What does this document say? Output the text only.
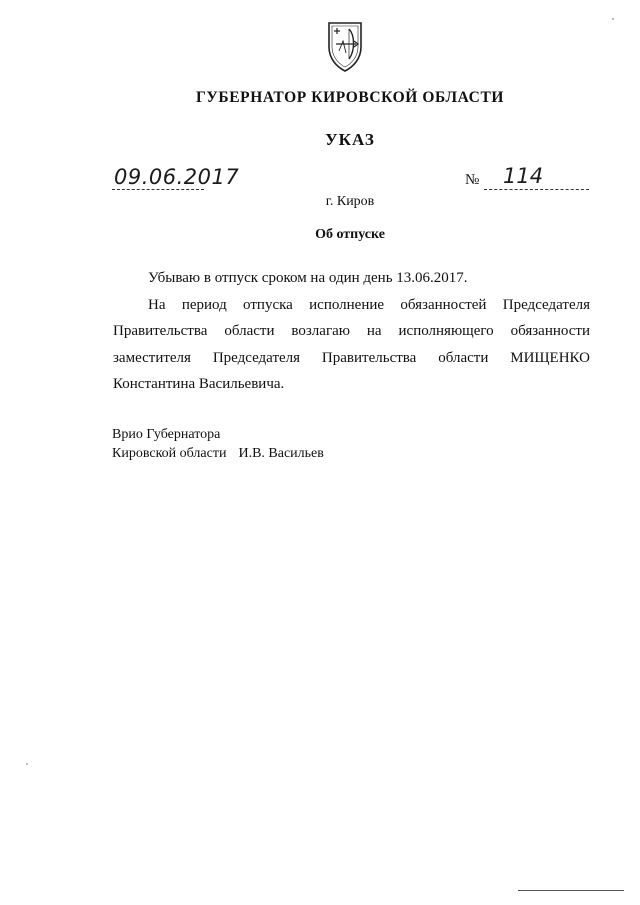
ГУБЕРНАТОР КИРОВСКОЙ ОБЛАСТИ
УКАЗ
09.06.2017	№ 114
г. Киров
Об отпуске

Убываю в отпуск сроком на один день 13.06.2017.

На период отпуска исполнение обязанностей Председателя Правительства области возлагаю на исполняющего обязанности заместителя Председателя Правительства области МИЩЕНКО Константина Васильевича.

Врио Губернатора
Кировской области И.В. Васильев
